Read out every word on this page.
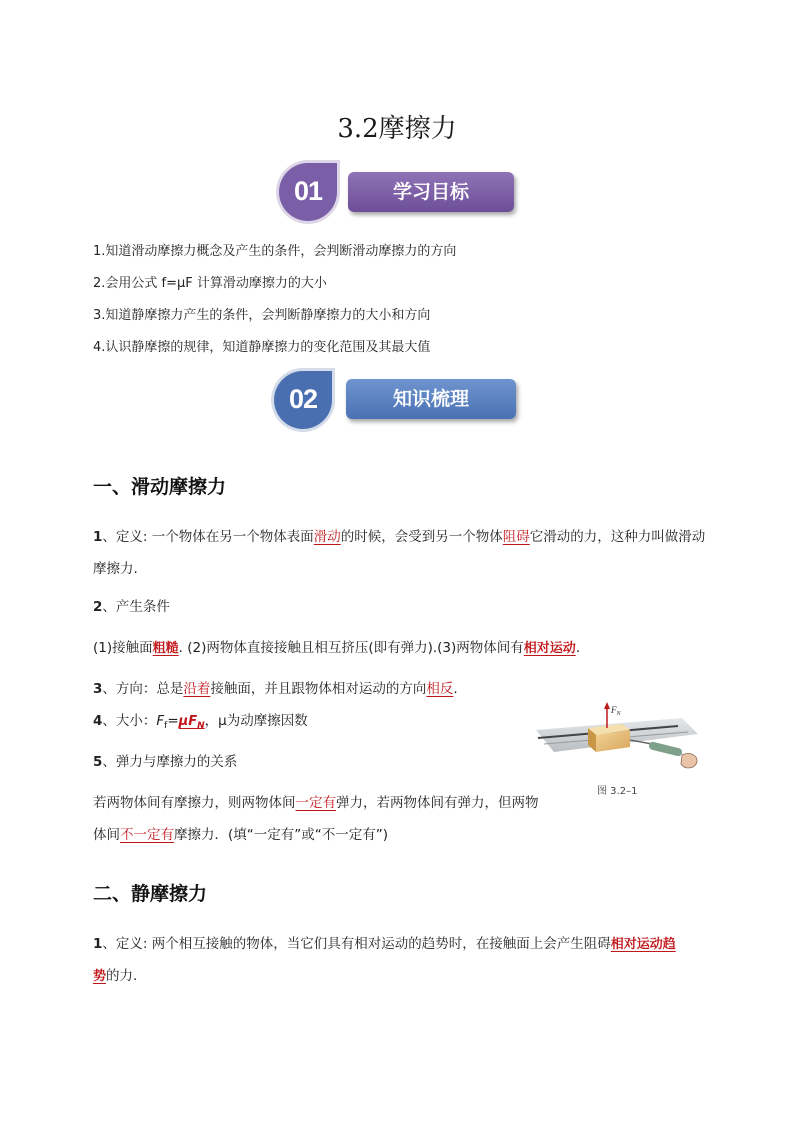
3.2摩擦力
01	学习目标
1.知道滑动摩擦力概念及产生的条件，会判断滑动摩擦力的方向
2.会用公式 f=μF 计算滑动摩擦力的大小
3.知道静摩擦力产生的条件，会判断静摩擦力的大小和方向
4.认识静摩擦的规律，知道静摩擦力的变化范围及其最大值
02	知识梳理
一、滑动摩擦力
1、定义: 一个物体在另一个物体表面滑动的时候，会受到另一个物体阻碍它滑动的力，这种力叫做滑动
摩擦力.
2、产生条件
(1)接触面粗糙. (2)两物体直接接触且相互挤压(即有弹力).(3)两物体间有相对运动.
3、方向：总是沿着接触面，并且跟物体相对运动的方向相反.
4、大小：$F_f=\mu F_N$，μ为动摩擦因数
5、弹力与摩擦力的关系
若两物体间有摩擦力，则两物体间一定有弹力，若两物体间有弹力，但两物
体间不一定有摩擦力．(填“一定有”或“不一定有”)
$F_N$
图 3.2–1
二、静摩擦力
1、定义: 两个相互接触的物体，当它们具有相对运动的趋势时，在接触面上会产生阻碍相对运动趋
势的力.
